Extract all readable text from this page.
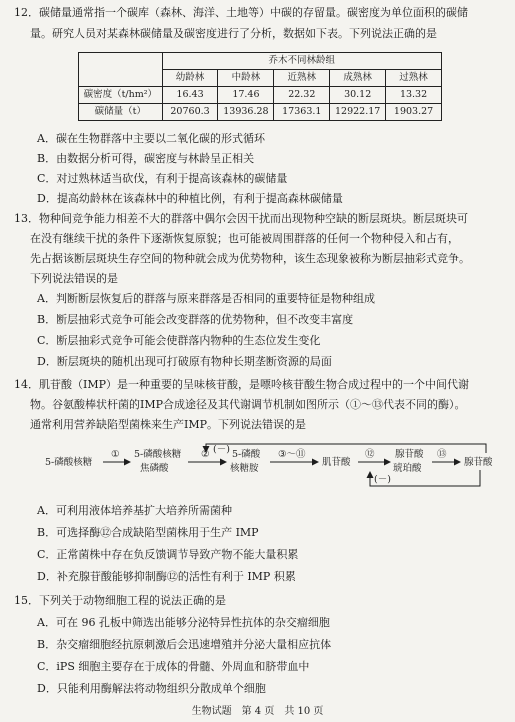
12．碳储量通常指一个碳库（森林、海洋、土地等）中碳的存留量。碳密度为单位面积的碳储
量。研究人员对某森林碳储量及碳密度进行了分析，数据如下表。下列说法正确的是
	乔木不同林龄组				
	幼龄林	中龄林	近熟林	成熟林	过熟林
碳密度（t/hm²）	16.43	17.46	22.32	30.12	13.32
碳储量（t）	20760.3	13936.28	17363.1	12922.17	1903.27
A．碳在生物群落中主要以二氧化碳的形式循环
B．由数据分析可得，碳密度与林龄呈正相关
C．对过熟林适当砍伐，有利于提高该森林的碳储量
D．提高幼龄林在该森林中的种植比例，有利于提高森林碳储量
13．物种间竞争能力相差不大的群落中偶尔会因干扰而出现物种空缺的断层斑块。断层斑块可
在没有继续干扰的条件下逐渐恢复原貌；也可能被周围群落的任何一个物种侵入和占有，
先占据该断层斑块生存空间的物种就会成为优势物种，该生态现象被称为断层抽彩式竞争。
下列说法错误的是
A．判断断层恢复后的群落与原来群落是否相同的重要特征是物种组成
B．断层抽彩式竞争可能会改变群落的优势物种，但不改变丰富度
C．断层抽彩式竞争可能会使群落内物种的生态位发生变化
D．断层斑块的随机出现可打破原有物种长期垄断资源的局面
14．肌苷酸（IMP）是一种重要的呈味核苷酸，是嘌呤核苷酸生物合成过程中的一个中间代谢
物。谷氨酸棒状杆菌的IMP合成途径及其代谢调节机制如图所示（①～⑬代表不同的酶）。
通常利用营养缺陷型菌株来生产IMP。下列说法错误的是
5-磷酸核糖
5-磷酸核糖
焦磷酸
5-磷酸
核糖胺
肌苷酸
腺苷酸
琥珀酸
腺苷酸
①	②	③～⑪	⑫	⑬
(－)
(－)
A．可利用液体培养基扩大培养所需菌种
B．可选择酶⑫合成缺陷型菌株用于生产 IMP
C．正常菌株中存在负反馈调节导致产物不能大量积累
D．补充腺苷酸能够抑制酶⑫的活性有利于 IMP 积累
15．下列关于动物细胞工程的说法正确的是
A．可在 96 孔板中筛选出能够分泌特异性抗体的杂交瘤细胞
B．杂交瘤细胞经抗原刺激后会迅速增殖并分泌大量相应抗体
C．iPS 细胞主要存在于成体的骨髓、外周血和脐带血中
D．只能利用酶解法将动物组织分散成单个细胞
生物试题　第 4 页　共 10 页
